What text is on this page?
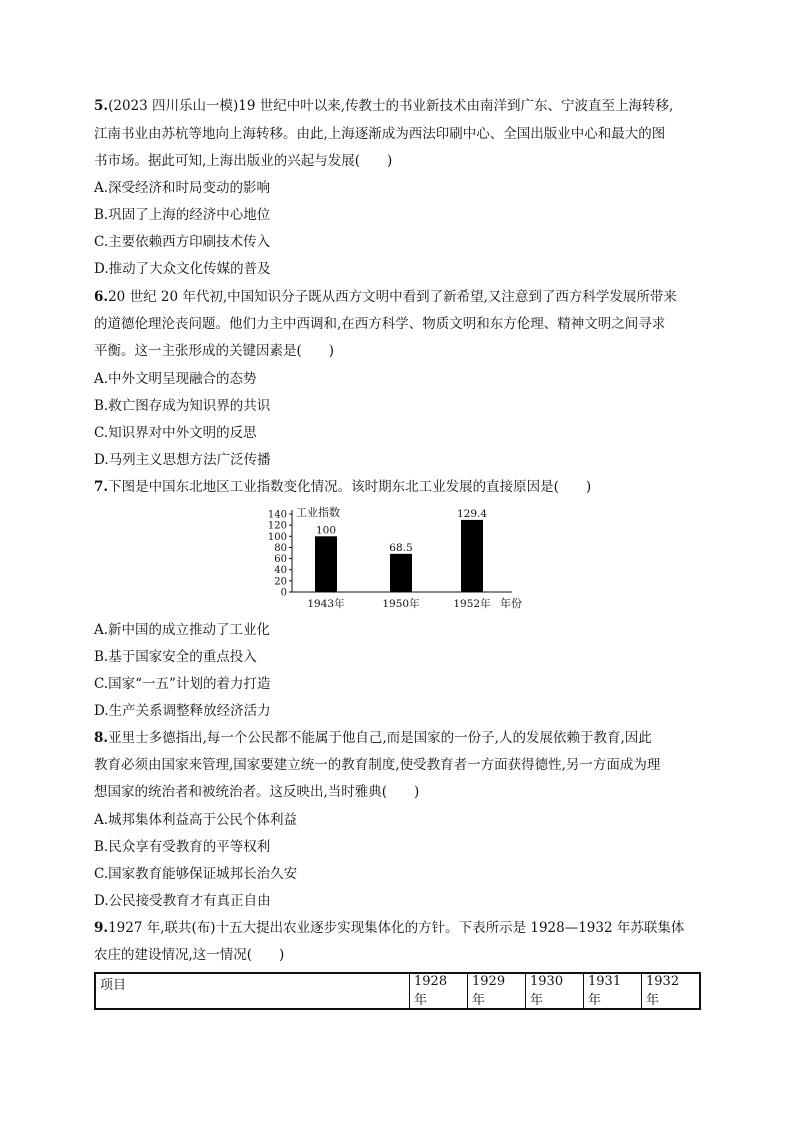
5.(2023 四川乐山一模)19 世纪中叶以来,传教士的书业新技术由南洋到广东、宁波直至上海转移,
江南书业由苏杭等地向上海转移。由此,上海逐渐成为西法印刷中心、全国出版业中心和最大的图
书市场。据此可知,上海出版业的兴起与发展(　　)
A.深受经济和时局变动的影响
B.巩固了上海的经济中心地位
C.主要依赖西方印刷技术传入
D.推动了大众文化传媒的普及
6.20 世纪 20 年代初,中国知识分子既从西方文明中看到了新希望,又注意到了西方科学发展所带来
的道德伦理沦丧问题。他们力主中西调和,在西方科学、物质文明和东方伦理、精神文明之间寻求
平衡。这一主张形成的关键因素是(　　)
A.中外文明呈现融合的态势
B.救亡图存成为知识界的共识
C.知识界对中外文明的反思
D.马列主义思想方法广泛传播
7.下图是中国东北地区工业指数变化情况。该时期东北工业发展的直接原因是(　　)
0
20
40
60
80
100
120
140 工业指数
年份
100
1943年
68.5
1950年
129.4
1952年
A.新中国的成立推动了工业化
B.基于国家安全的重点投入
C.国家“一五”计划的着力打造
D.生产关系调整释放经济活力
8.亚里士多德指出,每一个公民都不能属于他自己,而是国家的一份子,人的发展依赖于教育,因此
教育必须由国家来管理,国家要建立统一的教育制度,使受教育者一方面获得德性,另一方面成为理
想国家的统治者和被统治者。这反映出,当时雅典(　　)
A.城邦集体利益高于公民个体利益
B.民众享有受教育的平等权利
C.国家教育能够保证城邦长治久安
D.公民接受教育才有真正自由
9.1927 年,联共(布)十五大提出农业逐步实现集体化的方针。下表所示是 1928—1932 年苏联集体
农庄的建设情况,这一情况(　　)
项目	1928 年	1929 年	1930 年	1931 年	1932 年
